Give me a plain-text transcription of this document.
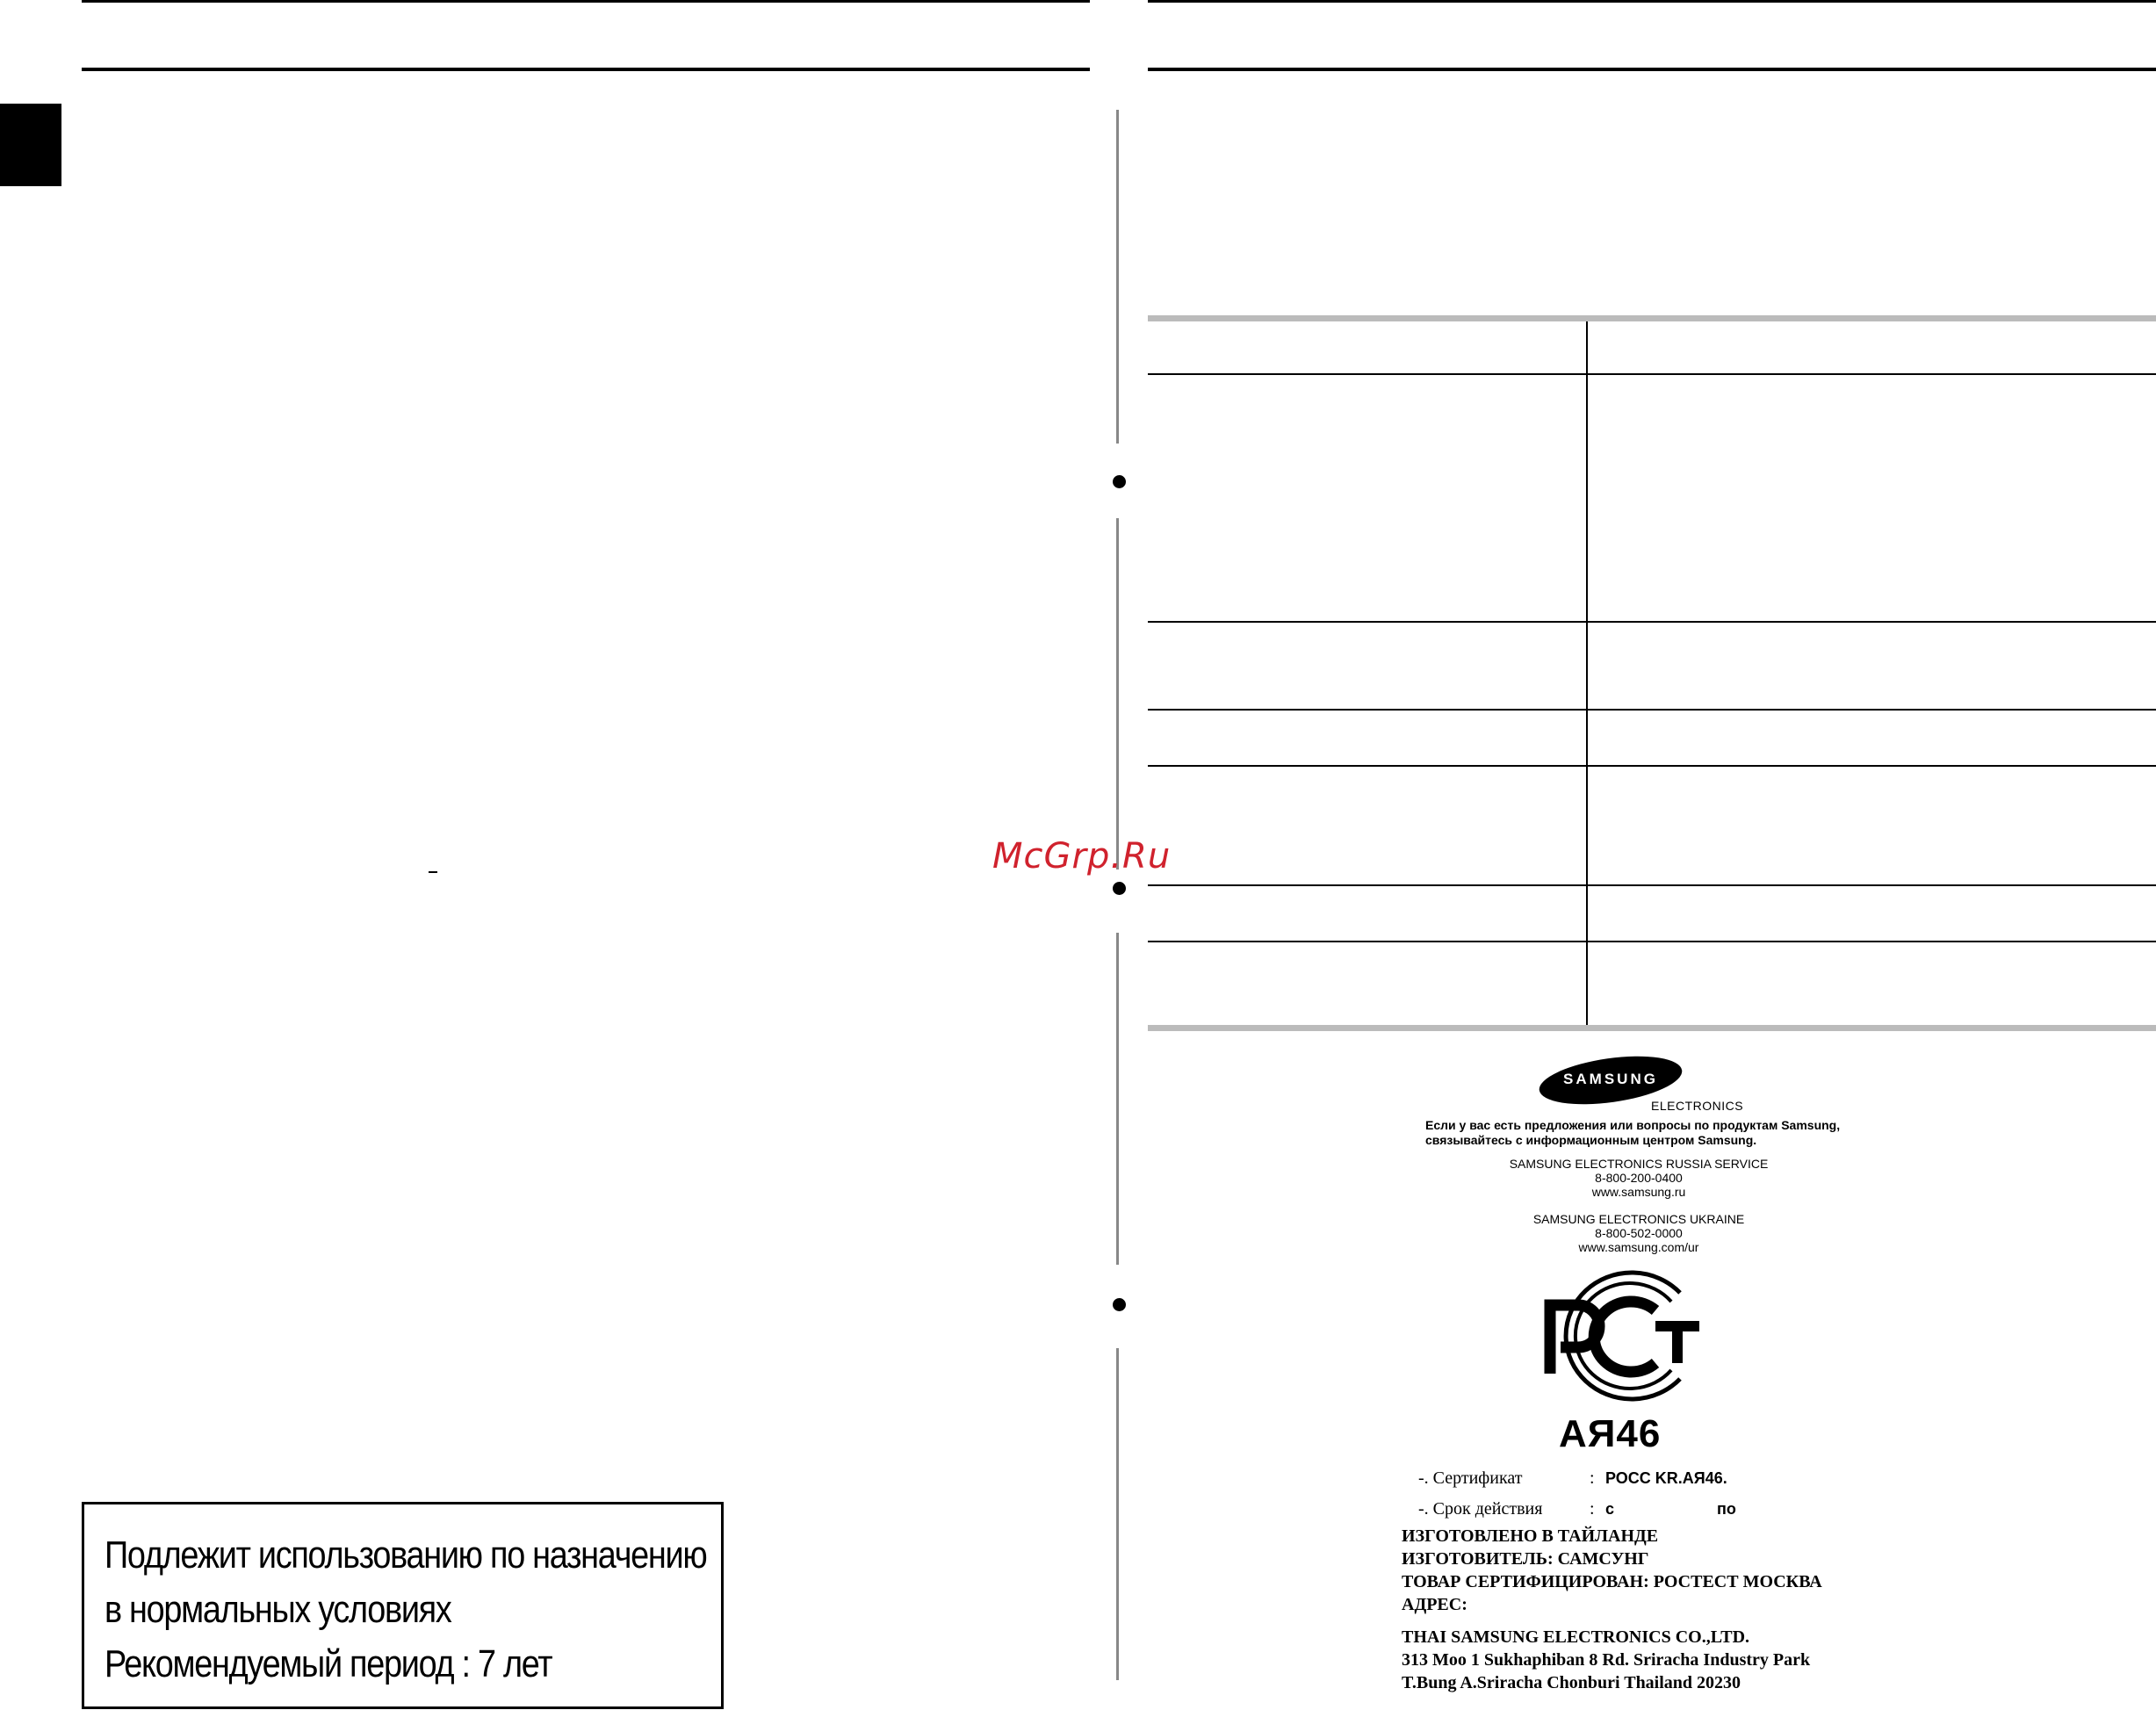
Подлежит использованию по назначению
в нормальных условиях
Рекомендуемый период : 7 лет
McGrp.Ru
SAMSUNG
ELECTRONICS
Если у вас есть предложения или вопросы по продуктам Samsung,
связывайтесь с информационным центром Samsung.
SAMSUNG ELECTRONICS RUSSIA SERVICE
8-800-200-0400
www.samsung.ru
SAMSUNG ELECTRONICS UKRAINE
8-800-502-0000
www.samsung.com/ur
АЯ46
-. Сертификат	: РОСС KR.АЯ46.
-. Срок действия	: с	по
ИЗГОТОВЛЕНО В ТАЙЛАНДЕ
ИЗГОТОВИТЕЛЬ: САМСУНГ
ТОВАР СЕРТИФИЦИРОВАН: РОСТЕСТ МОСКВА
АДРЕС:
THAI SAMSUNG ELECTRONICS CO.,LTD.
313 Moo 1 Sukhaphiban 8 Rd. Sriracha Industry Park
T.Bung A.Sriracha Chonburi Thailand 20230
